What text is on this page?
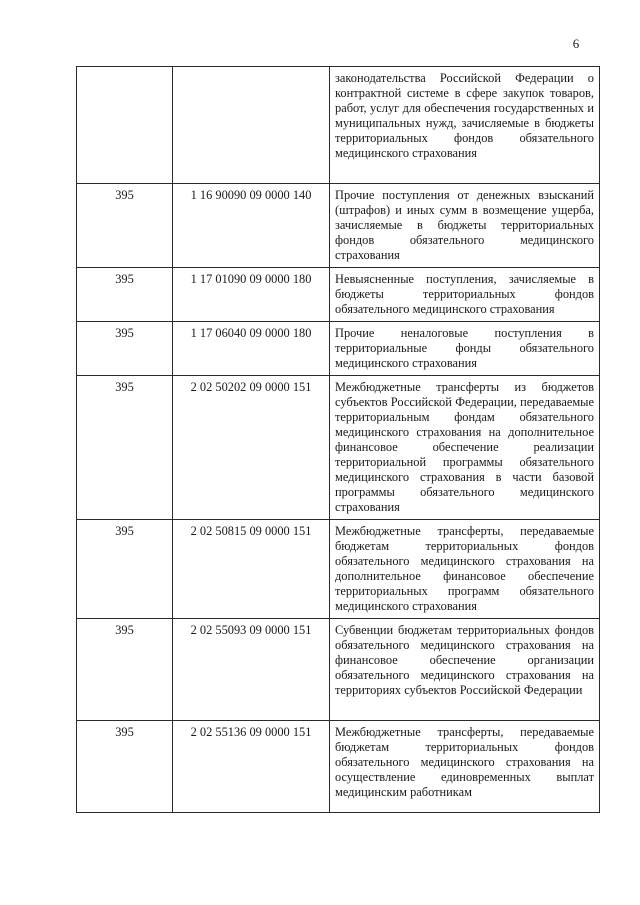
6
		законодательства Российской Федерации о контрактной системе в сфере закупок товаров, работ, услуг для обеспечения государственных и муниципальных нужд, зачисляемые в бюджеты территориальных фондов обязательного медицинского страхования
395	1 16 90090 09 0000 140	Прочие поступления от денежных взысканий (штрафов) и иных сумм в возмещение ущерба, зачисляемые в бюджеты территориальных фондов обязательного медицинского страхования
395	1 17 01090 09 0000 180	Невыясненные поступления, зачисляемые в бюджеты территориальных фондов обязательного медицинского страхования
395	1 17 06040 09 0000 180	Прочие неналоговые поступления в территориальные фонды обязательного медицинского страхования
395	2 02 50202 09 0000 151	Межбюджетные трансферты из бюджетов субъектов Российской Федерации, передаваемые территориальным фондам обязательного медицинского страхования на дополнительное финансовое обеспечение реализации территориальной программы обязательного медицинского страхования в части базовой программы обязательного медицинского страхования
395	2 02 50815 09 0000 151	Межбюджетные трансферты, передаваемые бюджетам территориальных фондов обязательного медицинского страхования на дополнительное финансовое обеспечение территориальных программ обязательного медицинского страхования
395	2 02 55093 09 0000 151	Субвенции бюджетам территориальных фондов обязательного медицинского страхования на финансовое обеспечение организации обязательного медицинского страхования на территориях субъектов Российской Федерации
395	2 02 55136 09 0000 151	Межбюджетные трансферты, передаваемые бюджетам территориальных фондов обязательного медицинского страхования на осуществление единовременных выплат медицинским работникам
